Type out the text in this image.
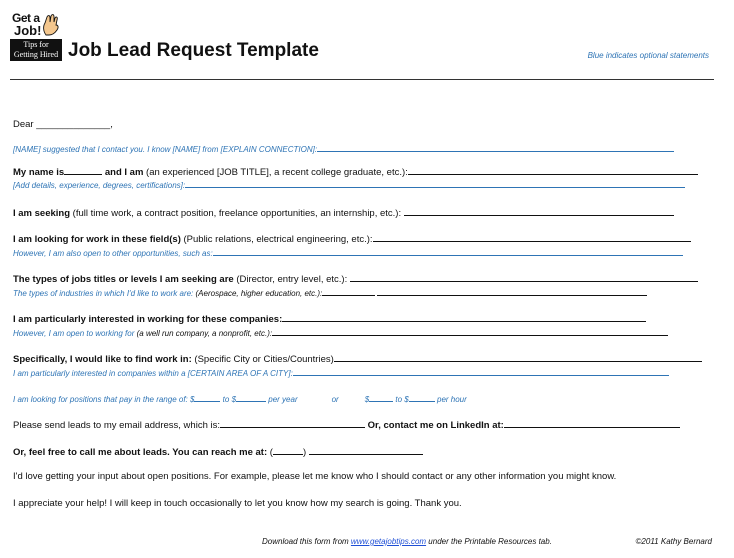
Get a
Job!
Tips for
Getting Hired Job Lead Request Template	Blue indicates optional statements
Dear ______________,
[NAME] suggested that I contact you. I know [NAME] from [EXPLAIN CONNECTION]:
My name is	and I am (an experienced [JOB TITLE], a recent college graduate, etc.):
[Add details, experience, degrees, certifications]:
I am seeking (full time work, a contract position, freelance opportunities, an internship, etc.):
I am looking for work in these field(s) (Public relations, electrical engineering, etc.):
However, I am also open to other opportunities, such as:
The types of jobs titles or levels I am seeking are (Director, entry level, etc.):
The types of industries in which I'd like to work are: (Aerospace, higher education, etc.):
I am particularly interested in working for these companies:
However, I am open to working for (a well run company, a nonprofit, etc.):
Specifically, I would like to find work in: (Specific City or Cities/Countries)
I am particularly interested in companies within a [CERTAIN AREA OF A CITY]:
I am looking for positions that pay in the range of: $	to $	per year	or	$	to $	per hour
Please send leads to my email address, which is:	Or, contact me on LinkedIn at:
Or, feel free to call me about leads. You can reach me at: (	)
I'd love getting your input about open positions. For example, please let me know who I should contact or any other information you might know.
I appreciate your help! I will keep in touch occasionally to let you know how my search is going. Thank you.
Download this form from www.getajobtips.com under the Printable Resources tab.	©2011 Kathy Bernard
